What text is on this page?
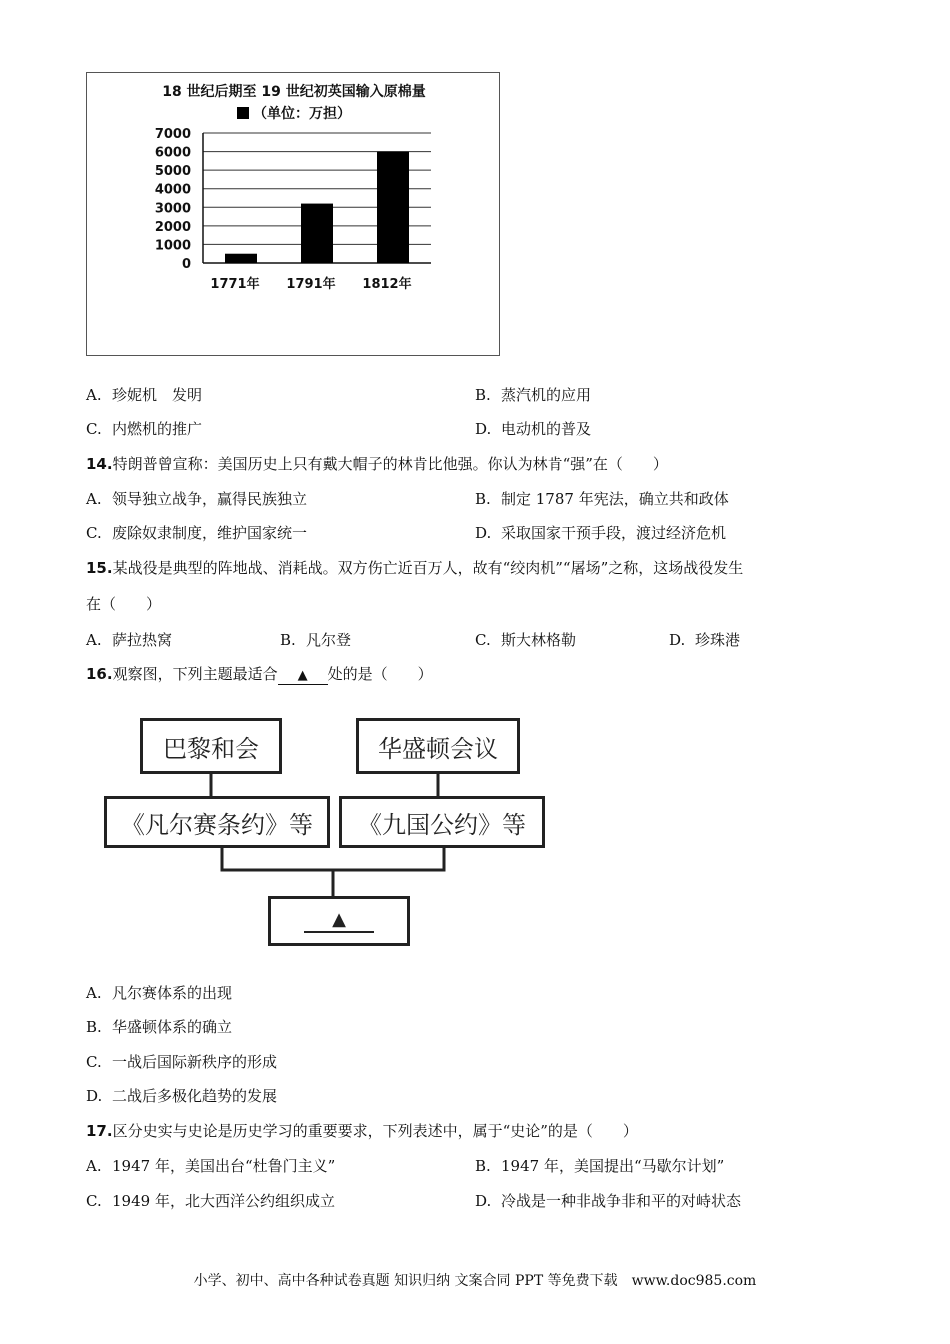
18 世纪后期至 19 世纪初英国输入原棉量
（单位：万担）
0
1000
2000
3000
4000
5000
6000
7000
1771年 1791年 1812年
A. 珍妮机　发明	B. 蒸汽机的应用
C. 内燃机的推广	D. 电动机的普及
14.特朗普曾宣称：美国历史上只有戴大帽子的林肯比他强。你认为林肯“强”在（　　）
A. 领导独立战争，赢得民族独立	B. 制定 1787 年宪法，确立共和政体
C. 废除奴隶制度，维护国家统一	D. 采取国家干预手段，渡过经济危机
15.某战役是典型的阵地战、消耗战。双方伤亡近百万人，故有“绞肉机”“屠场”之称，这场战役发生
在（　　）
A. 萨拉热窝	B. 凡尔登	C. 斯大林格勒	D. 珍珠港
16.观察图，下列主题最适合 ▲ 处的是（　　）
巴黎和会	华盛顿会议
《凡尔赛条约》等	《九国公约》等
▲
A. 凡尔赛体系的出现
B. 华盛顿体系的确立
C. 一战后国际新秩序的形成
D. 二战后多极化趋势的发展
17.区分史实与史论是历史学习的重要要求，下列表述中，属于“史论”的是（　　）
A. 1947 年，美国出台“杜鲁门主义”	B. 1947 年，美国提出“马歇尔计划”
C. 1949 年，北大西洋公约组织成立	D. 冷战是一种非战争非和平的对峙状态
小学、初中、高中各种试卷真题 知识归纳 文案合同 PPT 等免费下载　www.doc985.com
